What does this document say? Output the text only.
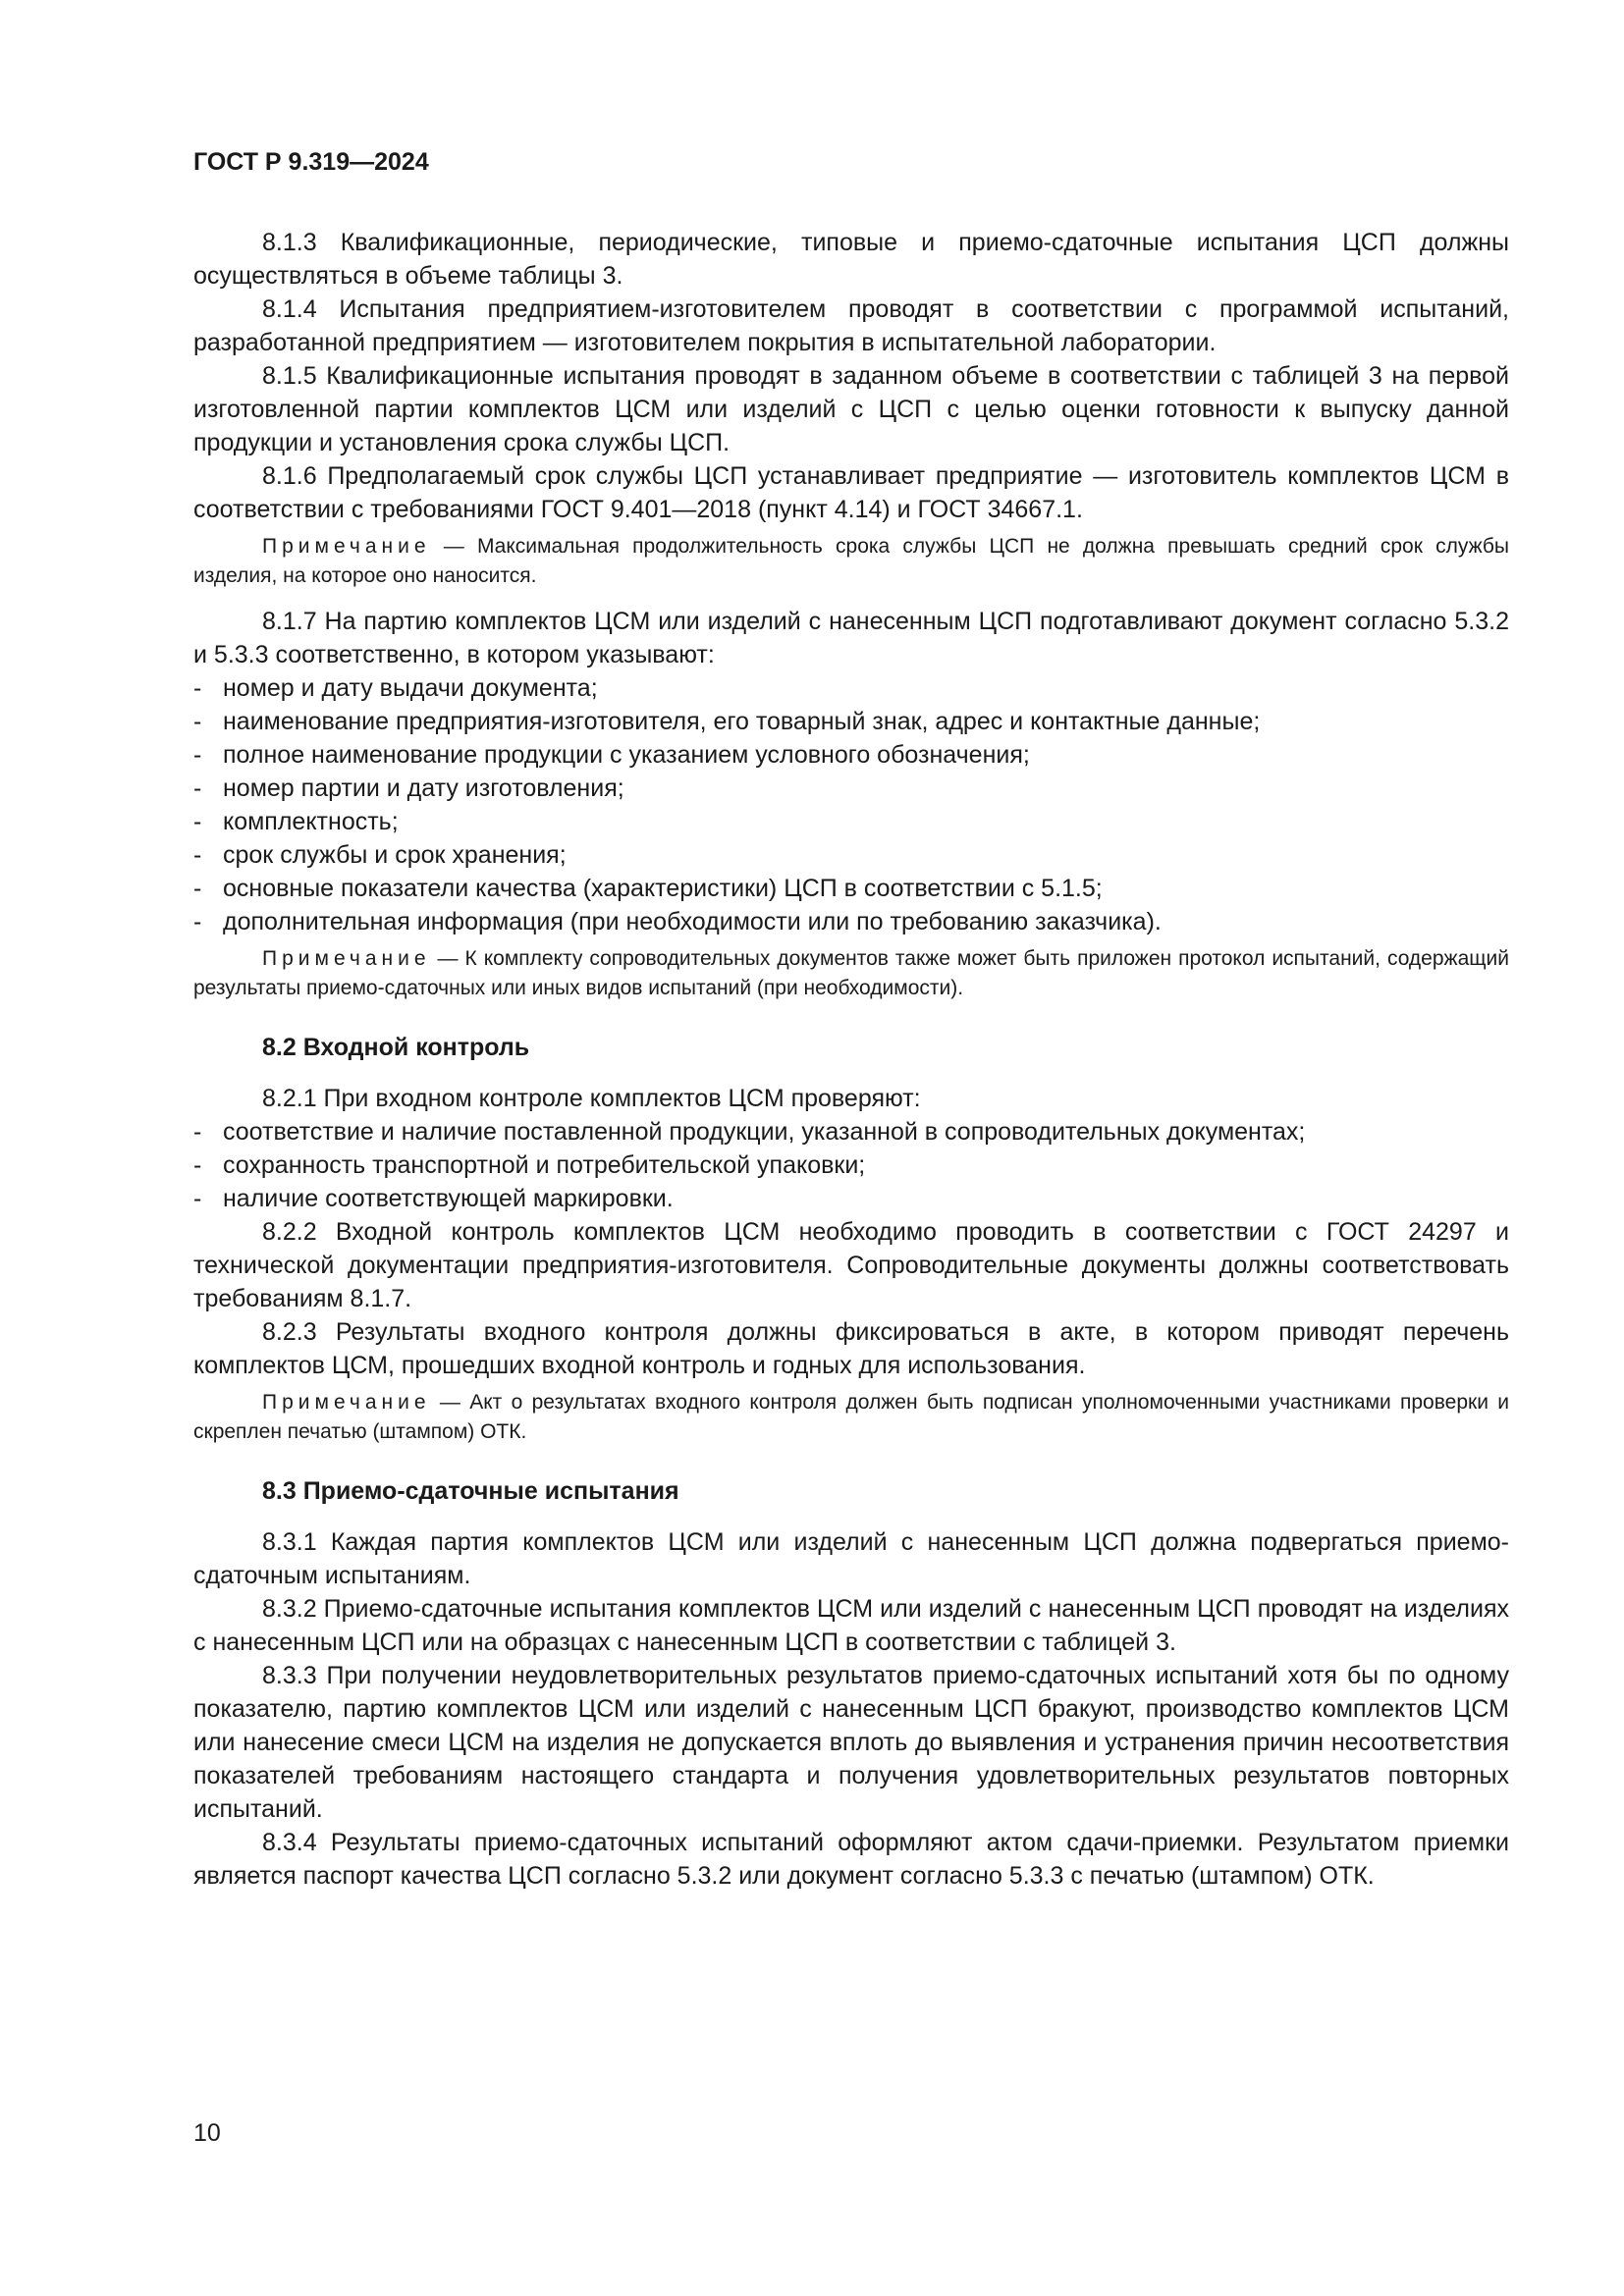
ГОСТ Р 9.319—2024

8.1.3 Квалификационные, периодические, типовые и приемо-сдаточные испытания ЦСП должны осуществляться в объеме таблицы 3.

8.1.4 Испытания предприятием-изготовителем проводят в соответствии с программой испытаний, разработанной предприятием — изготовителем покрытия в испытательной лаборатории.

8.1.5 Квалификационные испытания проводят в заданном объеме в соответствии с таблицей 3 на первой изготовленной партии комплектов ЦСМ или изделий с ЦСП с целью оценки готовности к выпуску данной продукции и установления срока службы ЦСП.

8.1.6 Предполагаемый срок службы ЦСП устанавливает предприятие — изготовитель комплектов ЦСМ в соответствии с требованиями ГОСТ 9.401—2018 (пункт 4.14) и ГОСТ 34667.1.

Примечание — Максимальная продолжительность срока службы ЦСП не должна превышать средний срок службы изделия, на которое оно наносится.

8.1.7 На партию комплектов ЦСМ или изделий с нанесенным ЦСП подготавливают документ согласно 5.3.2 и 5.3.3 соответственно, в котором указывают:

- номер и дату выдачи документа;
- наименование предприятия-изготовителя, его товарный знак, адрес и контактные данные;
- полное наименование продукции с указанием условного обозначения;
- номер партии и дату изготовления;
- комплектность;
- срок службы и срок хранения;
- основные показатели качества (характеристики) ЦСП в соответствии с 5.1.5;
- дополнительная информация (при необходимости или по требованию заказчика).

Примечание — К комплекту сопроводительных документов также может быть приложен протокол испытаний, содержащий результаты приемо-сдаточных или иных видов испытаний (при необходимости).

8.2 Входной контроль

8.2.1 При входном контроле комплектов ЦСМ проверяют:

- соответствие и наличие поставленной продукции, указанной в сопроводительных документах;
- сохранность транспортной и потребительской упаковки;
- наличие соответствующей маркировки.

8.2.2 Входной контроль комплектов ЦСМ необходимо проводить в соответствии с ГОСТ 24297 и технической документации предприятия-изготовителя. Сопроводительные документы должны соответствовать требованиям 8.1.7.

8.2.3 Результаты входного контроля должны фиксироваться в акте, в котором приводят перечень комплектов ЦСМ, прошедших входной контроль и годных для использования.

Примечание — Акт о результатах входного контроля должен быть подписан уполномоченными участниками проверки и скреплен печатью (штампом) ОТК.

8.3 Приемо-сдаточные испытания

8.3.1 Каждая партия комплектов ЦСМ или изделий с нанесенным ЦСП должна подвергаться приемо-сдаточным испытаниям.

8.3.2 Приемо-сдаточные испытания комплектов ЦСМ или изделий с нанесенным ЦСП проводят на изделиях с нанесенным ЦСП или на образцах с нанесенным ЦСП в соответствии с таблицей 3.

8.3.3 При получении неудовлетворительных результатов приемо-сдаточных испытаний хотя бы по одному показателю, партию комплектов ЦСМ или изделий с нанесенным ЦСП бракуют, производство комплектов ЦСМ или нанесение смеси ЦСМ на изделия не допускается вплоть до выявления и устранения причин несоответствия показателей требованиям настоящего стандарта и получения удовлетворительных результатов повторных испытаний.

8.3.4 Результаты приемо-сдаточных испытаний оформляют актом сдачи-приемки. Результатом приемки является паспорт качества ЦСП согласно 5.3.2 или документ согласно 5.3.3 с печатью (штампом) ОТК.

10
